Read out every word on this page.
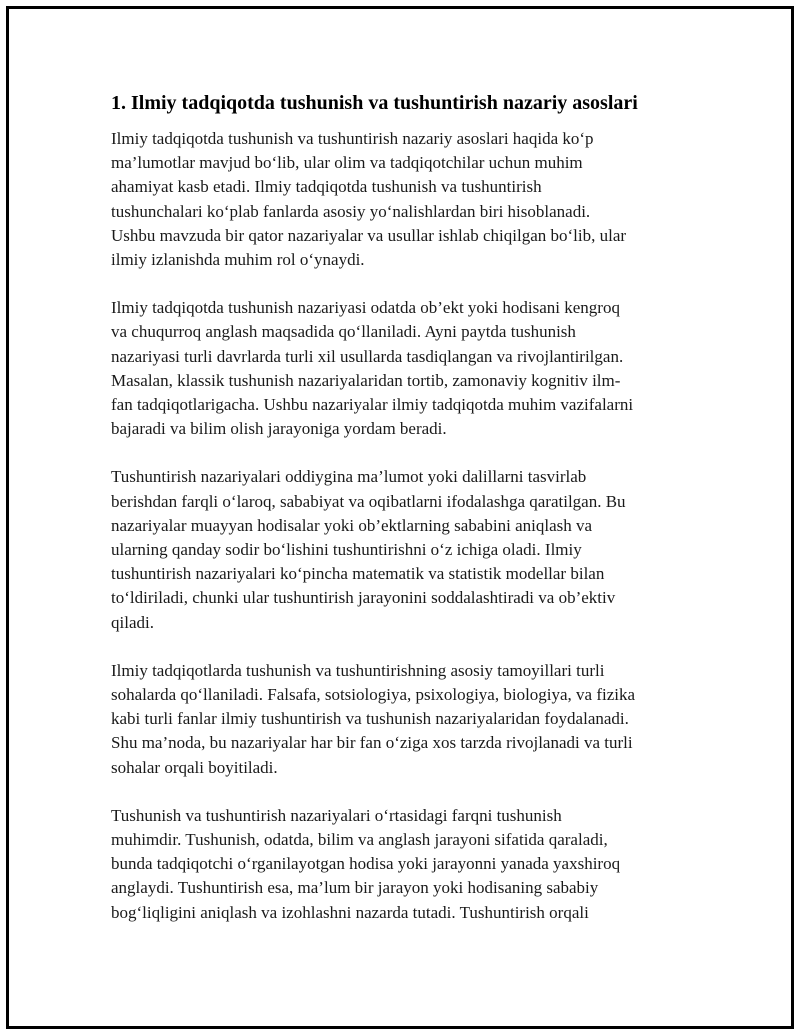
1. Ilmiy tadqiqotda tushunish va tushuntirish nazariy asoslari

Ilmiy tadqiqotda tushunish va tushuntirish nazariy asoslari haqida ko‘p
ma’lumotlar mavjud bo‘lib, ular olim va tadqiqotchilar uchun muhim
ahamiyat kasb etadi. Ilmiy tadqiqotda tushunish va tushuntirish
tushunchalari ko‘plab fanlarda asosiy yo‘nalishlardan biri hisoblanadi.
Ushbu mavzuda bir qator nazariyalar va usullar ishlab chiqilgan bo‘lib, ular
ilmiy izlanishda muhim rol o‘ynaydi.

Ilmiy tadqiqotda tushunish nazariyasi odatda ob’ekt yoki hodisani kengroq
va chuqurroq anglash maqsadida qo‘llaniladi. Ayni paytda tushunish
nazariyasi turli davrlarda turli xil usullarda tasdiqlangan va rivojlantirilgan.
Masalan, klassik tushunish nazariyalaridan tortib, zamonaviy kognitiv ilm-
fan tadqiqotlarigacha. Ushbu nazariyalar ilmiy tadqiqotda muhim vazifalarni
bajaradi va bilim olish jarayoniga yordam beradi.

Tushuntirish nazariyalari oddiygina ma’lumot yoki dalillarni tasvirlab
berishdan farqli o‘laroq, sababiyat va oqibatlarni ifodalashga qaratilgan. Bu
nazariyalar muayyan hodisalar yoki ob’ektlarning sababini aniqlash va
ularning qanday sodir bo‘lishini tushuntirishni o‘z ichiga oladi. Ilmiy
tushuntirish nazariyalari ko‘pincha matematik va statistik modellar bilan
to‘ldiriladi, chunki ular tushuntirish jarayonini soddalashtiradi va ob’ektiv
qiladi.

Ilmiy tadqiqotlarda tushunish va tushuntirishning asosiy tamoyillari turli
sohalarda qo‘llaniladi. Falsafa, sotsiologiya, psixologiya, biologiya, va fizika
kabi turli fanlar ilmiy tushuntirish va tushunish nazariyalaridan foydalanadi.
Shu ma’noda, bu nazariyalar har bir fan o‘ziga xos tarzda rivojlanadi va turli
sohalar orqali boyitiladi.

Tushunish va tushuntirish nazariyalari o‘rtasidagi farqni tushunish
muhimdir. Tushunish, odatda, bilim va anglash jarayoni sifatida qaraladi,
bunda tadqiqotchi o‘rganilayotgan hodisa yoki jarayonni yanada yaxshiroq
anglaydi. Tushuntirish esa, ma’lum bir jarayon yoki hodisaning sababiy
bog‘liqligini aniqlash va izohlashni nazarda tutadi. Tushuntirish orqali
